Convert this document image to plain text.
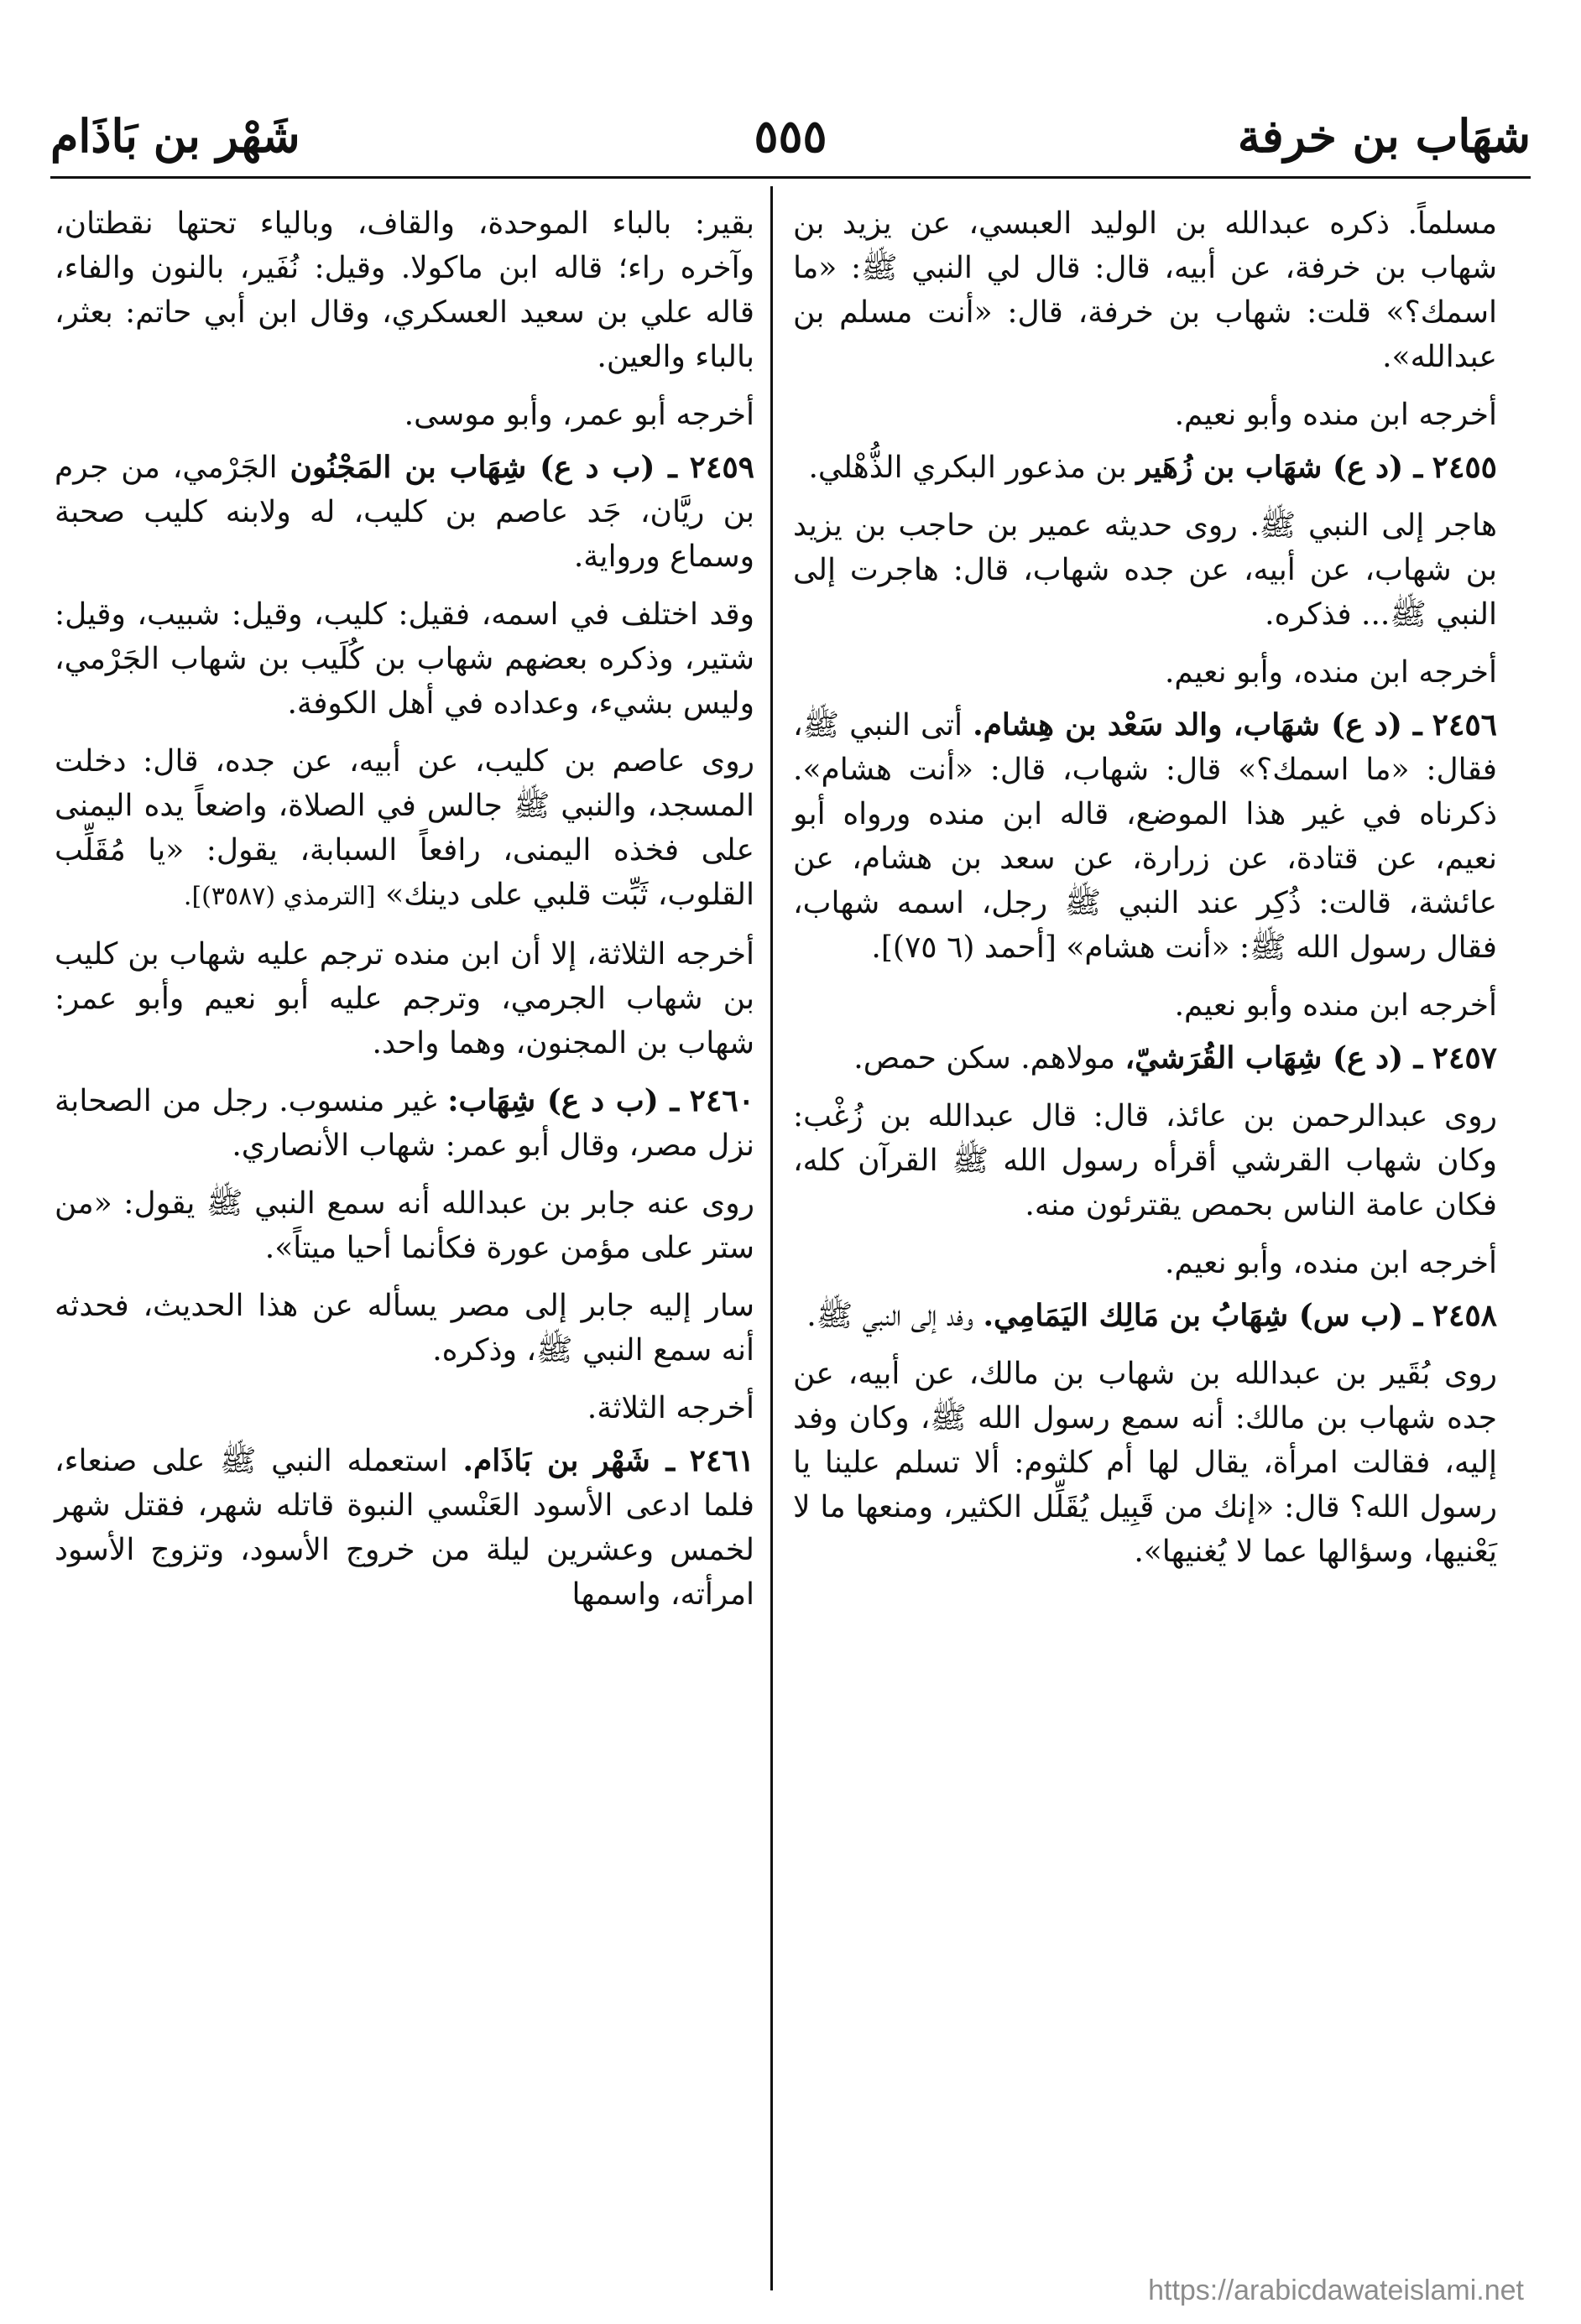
شهَاب بن خرفة
٥٥٥
شَهْر بن بَاذَام

مسلماً. ذكره عبدالله بن الوليد العبسي، عن يزيد بن شهاب بن خرفة، عن أبيه، قال: قال لي النبي ﷺ: «ما اسمك؟» قلت: شهاب بن خرفة، قال: «أنت مسلم بن عبدالله».

أخرجه ابن منده وأبو نعيم.

٢٤٥٥ ـ (د ع) شهَاب بن زُهَير بن مذعور البكري الذُّهْلي.

هاجر إلى النبي ﷺ. روى حديثه عمير بن حاجب بن يزيد بن شهاب، عن أبيه، عن جده شهاب، قال: هاجرت إلى النبي ﷺ... فذكره.

أخرجه ابن منده، وأبو نعيم.

٢٤٥٦ ـ (د ع) شهَاب، والد سَعْد بن هِشام. أتى النبي ﷺ، فقال: «ما اسمك؟» قال: شهاب، قال: «أنت هشام». ذكرناه في غير هذا الموضع، قاله ابن منده ورواه أبو نعيم، عن قتادة، عن زرارة، عن سعد بن هشام، عن عائشة، قالت: ذُكِر عند النبي ﷺ رجل، اسمه شهاب، فقال رسول الله ﷺ: «أنت هشام» [أحمد (٦ ٧٥)].

أخرجه ابن منده وأبو نعيم.

٢٤٥٧ ـ (د ع) شِهَاب القُرَشيّ، مولاهم. سكن حمص.

روى عبدالرحمن بن عائذ، قال: قال عبدالله بن زُغْب: وكان شهاب القرشي أقرأه رسول الله ﷺ القرآن كله، فكان عامة الناس بحمص يقترئون منه.

أخرجه ابن منده، وأبو نعيم.

٢٤٥٨ ـ (ب س) شِهَابُ بن مَالِك اليَمَامِي. وفد إلى النبي ﷺ.

روى بُقَير بن عبدالله بن شهاب بن مالك، عن أبيه، عن جده شهاب بن مالك: أنه سمع رسول الله ﷺ، وكان وفد إليه، فقالت امرأة، يقال لها أم كلثوم: ألا تسلم علينا يا رسول الله؟ قال: «إنك من قَبِيل يُقَلِّل الكثير، ومنعها ما لا يَعْنيها، وسؤالها عما لا يُغنيها».

بقير: بالباء الموحدة، والقاف، وبالياء تحتها نقطتان، وآخره راء؛ قاله ابن ماكولا. وقيل: نُفَير، بالنون والفاء، قاله علي بن سعيد العسكري، وقال ابن أبي حاتم: بعثر، بالباء والعين.

أخرجه أبو عمر، وأبو موسى.

٢٤٥٩ ـ (ب د ع) شِهَاب بن المَجْنُون الجَرْمي، من جرم بن ريَّان، جَد عاصم بن كليب، له ولابنه كليب صحبة وسماع ورواية.

وقد اختلف في اسمه، فقيل: كليب، وقيل: شبيب، وقيل: شتير، وذكره بعضهم شهاب بن كُلَيب بن شهاب الجَرْمي، وليس بشيء، وعداده في أهل الكوفة.

روى عاصم بن كليب، عن أبيه، عن جده، قال: دخلت المسجد، والنبي ﷺ جالس في الصلاة، واضعاً يده اليمنى على فخذه اليمنى، رافعاً السبابة، يقول: «يا مُقَلِّب القلوب، ثَبِّت قلبي على دينك» [الترمذي (٣٥٨٧)].

أخرجه الثلاثة، إلا أن ابن منده ترجم عليه شهاب بن كليب بن شهاب الجرمي، وترجم عليه أبو نعيم وأبو عمر: شهاب بن المجنون، وهما واحد.

٢٤٦٠ ـ (ب د ع) شِهَاب: غير منسوب. رجل من الصحابة نزل مصر، وقال أبو عمر: شهاب الأنصاري.

روى عنه جابر بن عبدالله أنه سمع النبي ﷺ يقول: «من ستر على مؤمن عورة فكأنما أحيا ميتاً».

سار إليه جابر إلى مصر يسأله عن هذا الحديث، فحدثه أنه سمع النبي ﷺ، وذكره.

أخرجه الثلاثة.

٢٤٦١ ـ شَهْر بن بَاذَام. استعمله النبي ﷺ على صنعاء، فلما ادعى الأسود العَنْسي النبوة قاتله شهر، فقتل شهر لخمس وعشرين ليلة من خروج الأسود، وتزوج الأسود امرأته، واسمها

https://arabicdawateislami.net
